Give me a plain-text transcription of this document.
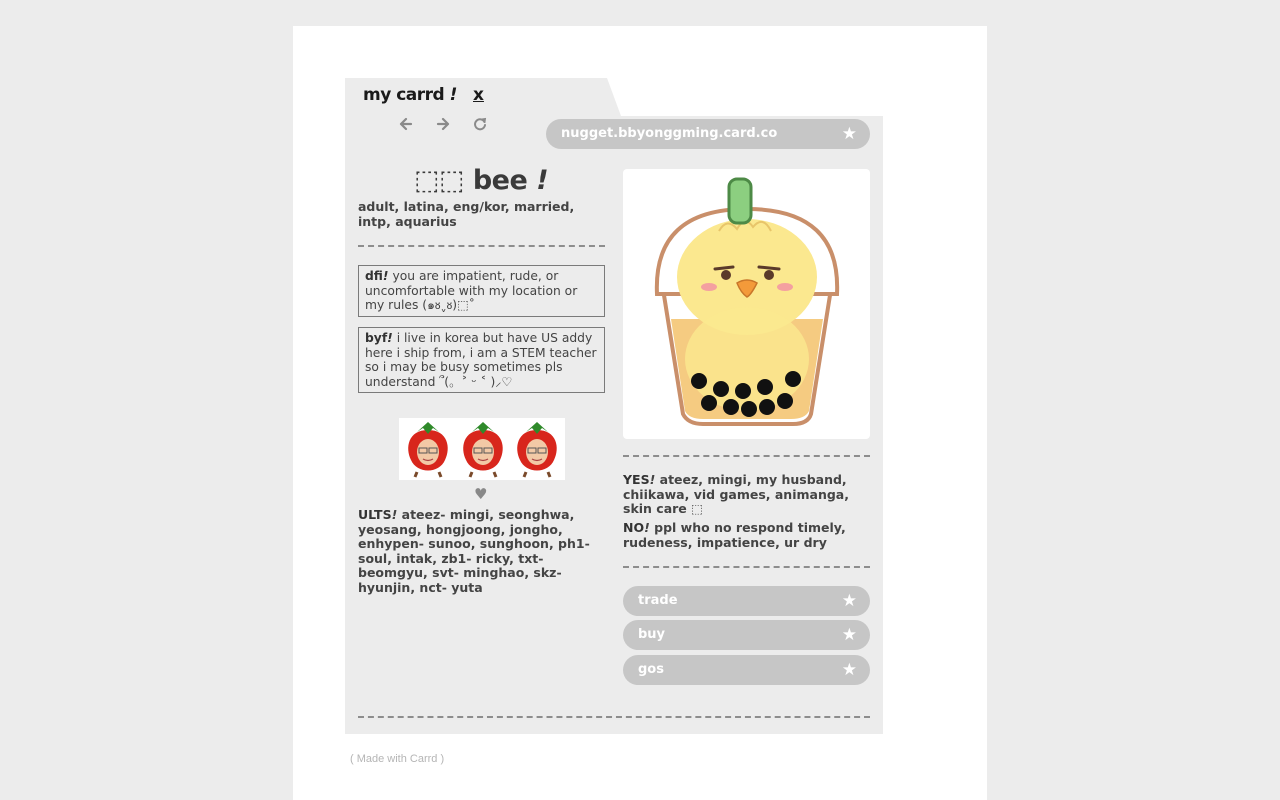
my carrd ! x
nugget.bbyonggming.card.co	★
⬚⬚ bee !
adult, latina, eng/kor, married, intp, aquarius
dfi! you are impatient, rude, or uncomfortable with my location or my rules (๑ᴕˬᴕ)⬚˚
byf! i live in korea but have US addy here i ship from, i am a STEM teacher so i may be busy sometimes pls understand ՞(。˃ ᵕ ˂ )⸝♡
♥
ULTS! ateez- mingi, seonghwa, yeosang, hongjoong, jongho, enhypen- sunoo, sunghoon, ph1- soul, intak, zb1- ricky, txt- beomgyu, svt- minghao, skz- hyunjin, nct- yuta
YES! ateez, mingi, my husband, chiikawa, vid games, animanga, skin care ⬚
NO! ppl who no respond timely, rudeness, impatience, ur dry
trade	★
buy	★
gos	★
( Made with Carrd )
